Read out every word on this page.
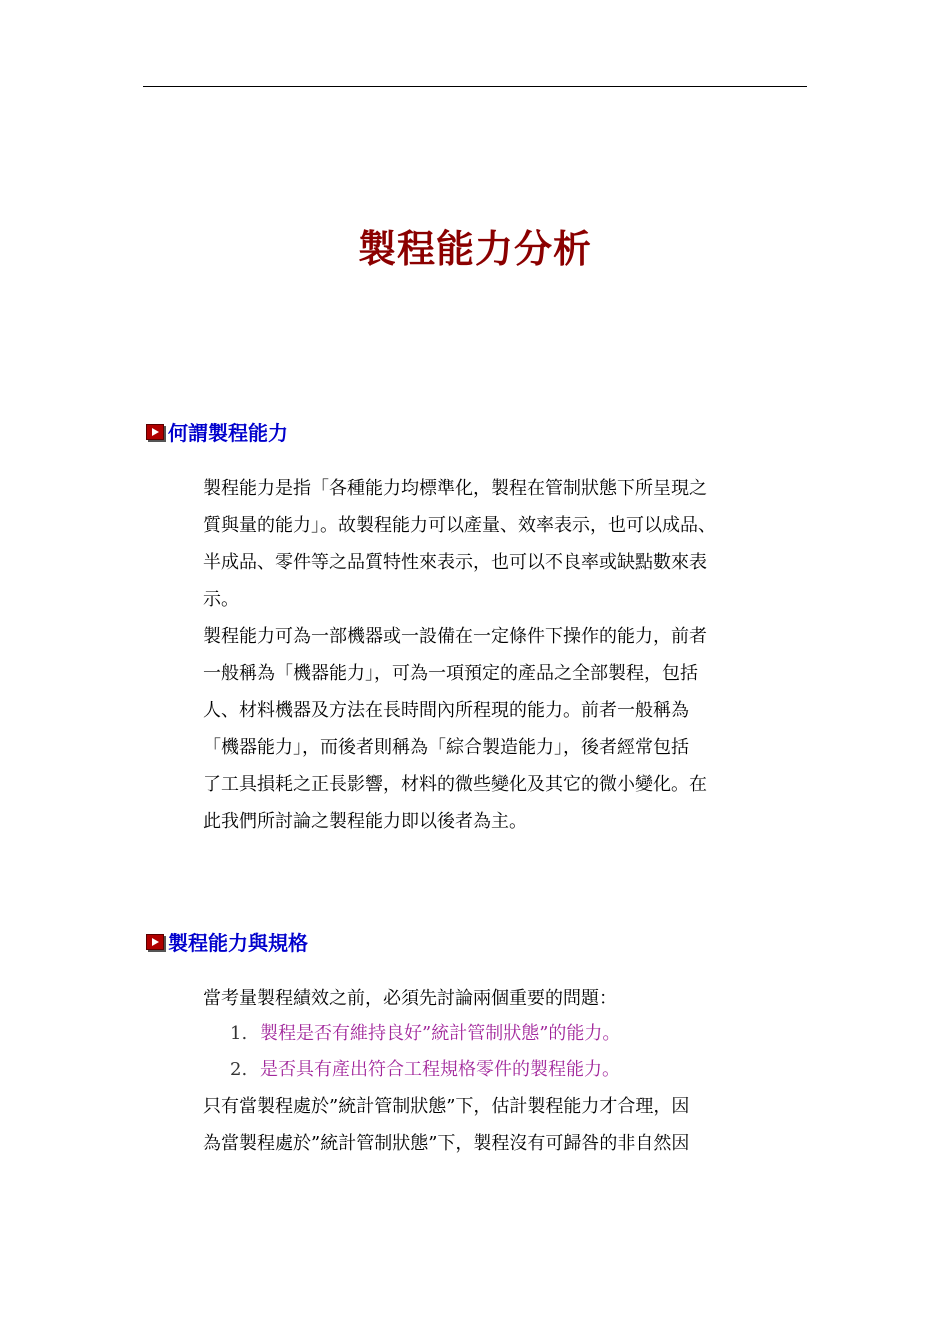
製程能力分析
何謂製程能力
製程能力是指「各種能力均標準化，製程在管制狀態下所呈現之
質與量的能力」。故製程能力可以產量、效率表示，也可以成品、
半成品、零件等之品質特性來表示，也可以不良率或缺點數來表
示。
製程能力可為一部機器或一設備在一定條件下操作的能力，前者
一般稱為「機器能力」，可為一項預定的產品之全部製程，包括
人、材料機器及方法在長時間內所程現的能力。前者一般稱為
「機器能力」，而後者則稱為「綜合製造能力」，後者經常包括
了工具損耗之正長影響，材料的微些變化及其它的微小變化。在
此我們所討論之製程能力即以後者為主。
製程能力與規格
當考量製程績效之前，必須先討論兩個重要的問題：
1. 製程是否有維持良好”統計管制狀態”的能力。
2. 是否具有產出符合工程規格零件的製程能力。
只有當製程處於”統計管制狀態”下，估計製程能力才合理，因
為當製程處於”統計管制狀態”下，製程沒有可歸咎的非自然因
